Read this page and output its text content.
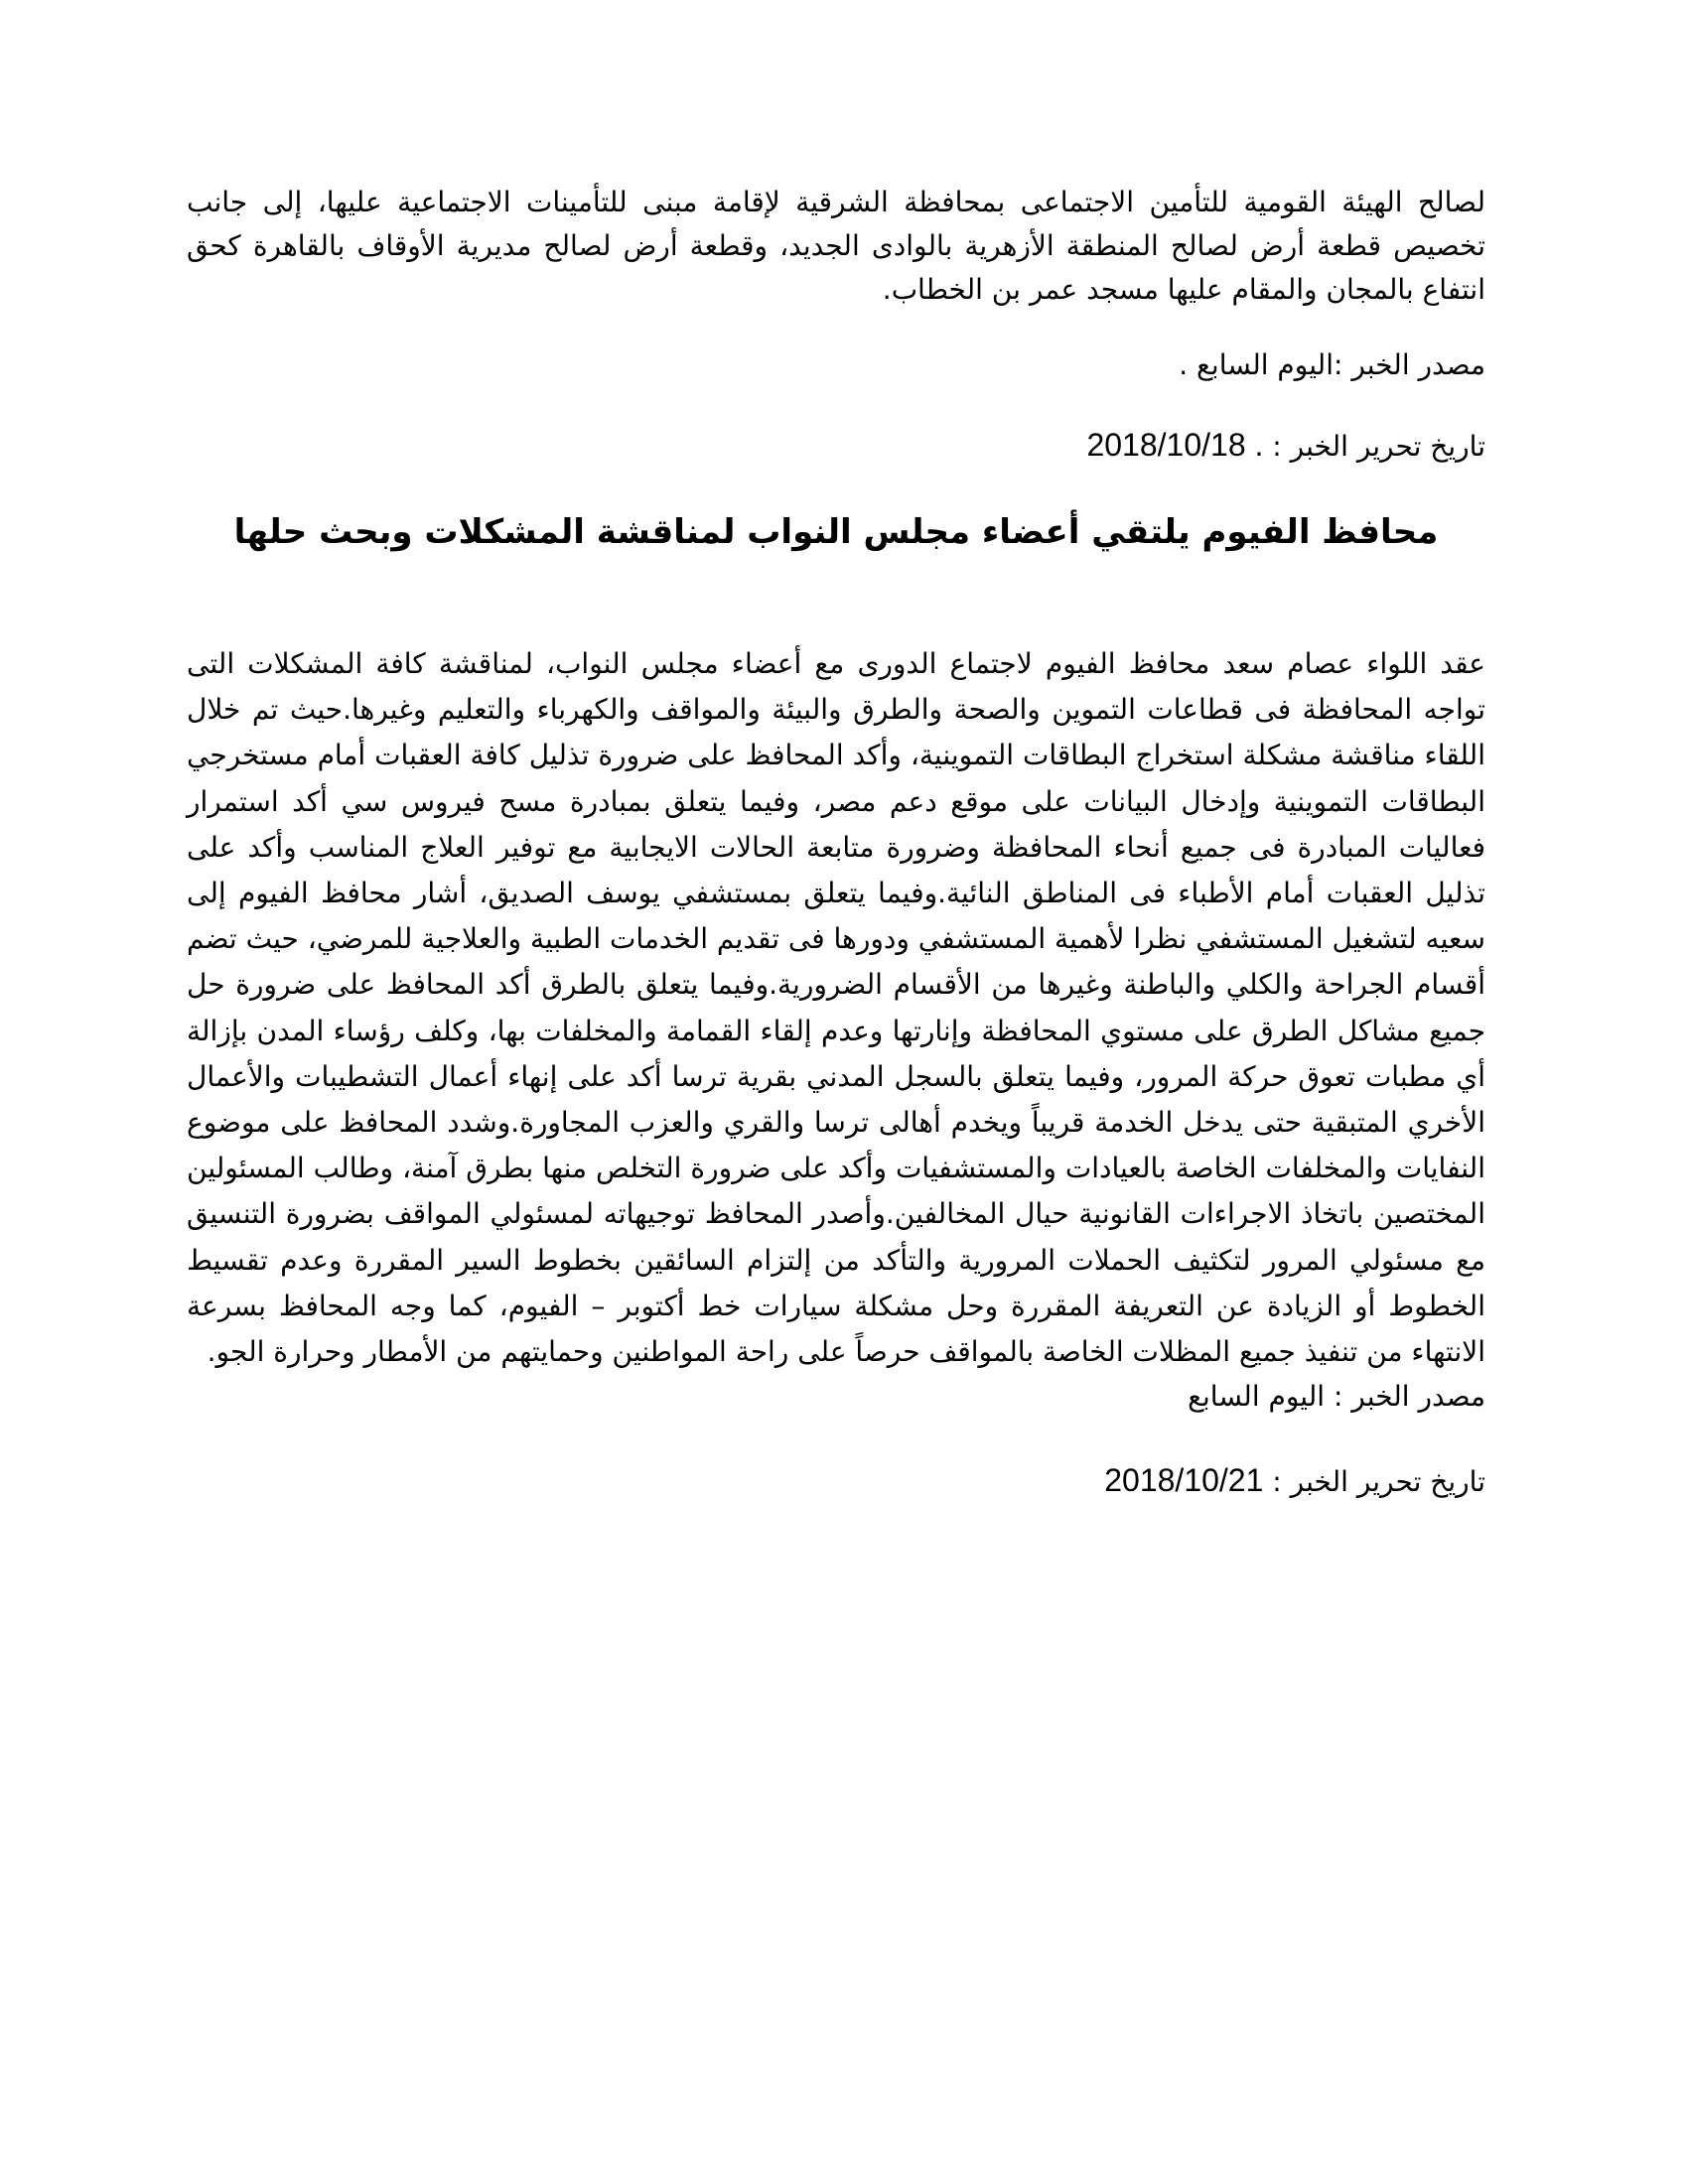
لصالح الهيئة القومية للتأمين الاجتماعى بمحافظة الشرقية لإقامة مبنى للتأمينات الاجتماعية عليها، إلى جانب تخصيص قطعة أرض لصالح المنطقة الأزهرية بالوادى الجديد، وقطعة أرض لصالح مديرية الأوقاف بالقاهرة كحق انتفاع بالمجان والمقام عليها مسجد عمر بن الخطاب.

مصدر الخبر :اليوم السابع .

تاريخ تحرير الخبر : 2018/10/18 .

محافظ الفيوم يلتقي أعضاء مجلس النواب لمناقشة المشكلات وبحث حلها

عقد اللواء عصام سعد محافظ الفيوم لاجتماع الدورى مع أعضاء مجلس النواب، لمناقشة كافة المشكلات التى تواجه المحافظة فى قطاعات التموين والصحة والطرق والبيئة والمواقف والكهرباء والتعليم وغيرها.حيث تم خلال اللقاء مناقشة مشكلة استخراج البطاقات التموينية، وأكد المحافظ على ضرورة تذليل كافة العقبات أمام مستخرجي البطاقات التموينية وإدخال البيانات على موقع دعم مصر، وفيما يتعلق بمبادرة مسح فيروس سي أكد استمرار فعاليات المبادرة فى جميع أنحاء المحافظة وضرورة متابعة الحالات الايجابية مع توفير العلاج المناسب وأكد على تذليل العقبات أمام الأطباء فى المناطق النائية.وفيما يتعلق بمستشفي يوسف الصديق، أشار محافظ الفيوم إلى سعيه لتشغيل المستشفي نظرا لأهمية المستشفي ودورها فى تقديم الخدمات الطبية والعلاجية للمرضي، حيث تضم أقسام الجراحة والكلي والباطنة وغيرها من الأقسام الضرورية.وفيما يتعلق بالطرق أكد المحافظ على ضرورة حل جميع مشاكل الطرق على مستوي المحافظة وإنارتها وعدم إلقاء القمامة والمخلفات بها، وكلف رؤساء المدن بإزالة أي مطبات تعوق حركة المرور، وفيما يتعلق بالسجل المدني بقرية ترسا أكد على إنهاء أعمال التشطيبات والأعمال الأخري المتبقية حتى يدخل الخدمة قريباً ويخدم أهالى ترسا والقري والعزب المجاورة.وشدد المحافظ على موضوع النفايات والمخلفات الخاصة بالعيادات والمستشفيات وأكد على ضرورة التخلص منها بطرق آمنة، وطالب المسئولين المختصين باتخاذ الاجراءات القانونية حيال المخالفين.وأصدر المحافظ توجيهاته لمسئولي المواقف بضرورة التنسيق مع مسئولي المرور لتكثيف الحملات المرورية والتأكد من إلتزام السائقين بخطوط السير المقررة وعدم تقسيط الخطوط أو الزيادة عن التعريفة المقررة وحل مشكلة سيارات خط أكتوبر – الفيوم، كما وجه المحافظ بسرعة الانتهاء من تنفيذ جميع المظلات الخاصة بالمواقف حرصاً على راحة المواطنين وحمايتهم من الأمطار وحرارة الجو.

مصدر الخبر : اليوم السابع

تاريخ تحرير الخبر : 2018/10/21
